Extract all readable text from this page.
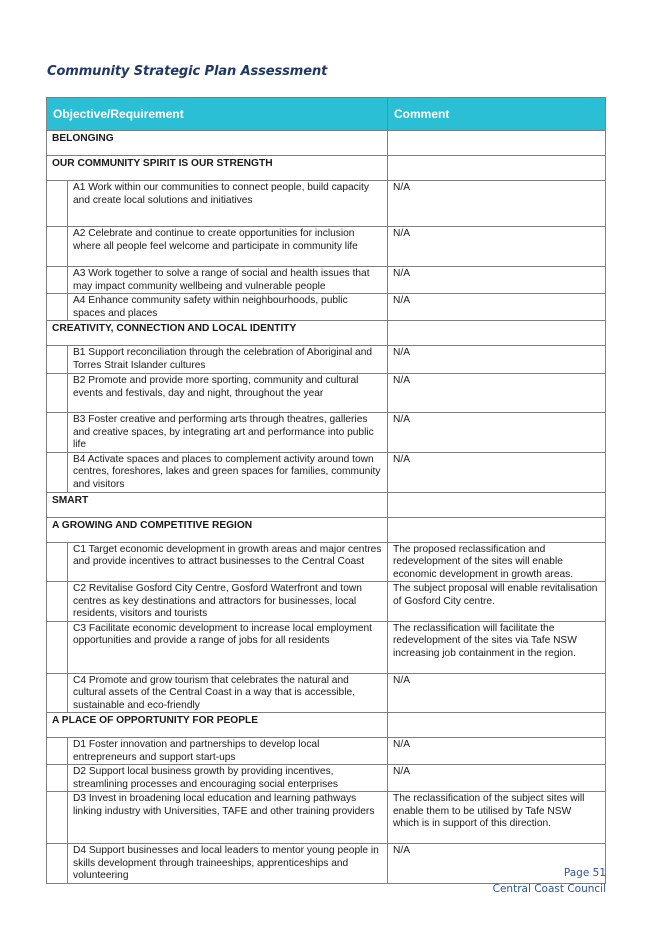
Community Strategic Plan Assessment
Objective/Requirement		Comment
BELONGING		
OUR COMMUNITY SPIRIT IS OUR STRENGTH		
	A1 Work within our communities to connect people, build capacity and create local solutions and initiatives	N/A
	A2 Celebrate and continue to create opportunities for inclusion where all people feel welcome and participate in community life	N/A
	A3 Work together to solve a range of social and health issues that may impact community wellbeing and vulnerable people	N/A
	A4 Enhance community safety within neighbourhoods, public spaces and places	N/A
CREATIVITY, CONNECTION AND LOCAL IDENTITY		
	B1 Support reconciliation through the celebration of Aboriginal and Torres Strait Islander cultures	N/A
	B2 Promote and provide more sporting, community and cultural events and festivals, day and night, throughout the year	N/A
	B3 Foster creative and performing arts through theatres, galleries and creative spaces, by integrating art and performance into public life	N/A
	B4 Activate spaces and places to complement activity around town centres, foreshores, lakes and green spaces for families, community and visitors	N/A
SMART		
A GROWING AND COMPETITIVE REGION		
	C1 Target economic development in growth areas and major centres and provide incentives to attract businesses to the Central Coast	The proposed reclassification and redevelopment of the sites will enable economic development in growth areas.
	C2 Revitalise Gosford City Centre, Gosford Waterfront and town centres as key destinations and attractors for businesses, local residents, visitors and tourists	The subject proposal will enable revitalisation of Gosford City centre.
	C3 Facilitate economic development to increase local employment opportunities and provide a range of jobs for all residents	The reclassification will facilitate the redevelopment of the sites via Tafe NSW increasing job containment in the region.
	C4 Promote and grow tourism that celebrates the natural and cultural assets of the Central Coast in a way that is accessible, sustainable and eco-friendly	N/A
A PLACE OF OPPORTUNITY FOR PEOPLE		
	D1 Foster innovation and partnerships to develop local entrepreneurs and support start-ups	N/A
	D2 Support local business growth by providing incentives, streamlining processes and encouraging social enterprises	N/A
	D3 Invest in broadening local education and learning pathways linking industry with Universities, TAFE and other training providers	The reclassification of the subject sites will enable them to be utilised by Tafe NSW which is in support of this direction.
	D4 Support businesses and local leaders to mentor young people in skills development through traineeships, apprenticeships and volunteering	N/A
Page 51
Central Coast Council
